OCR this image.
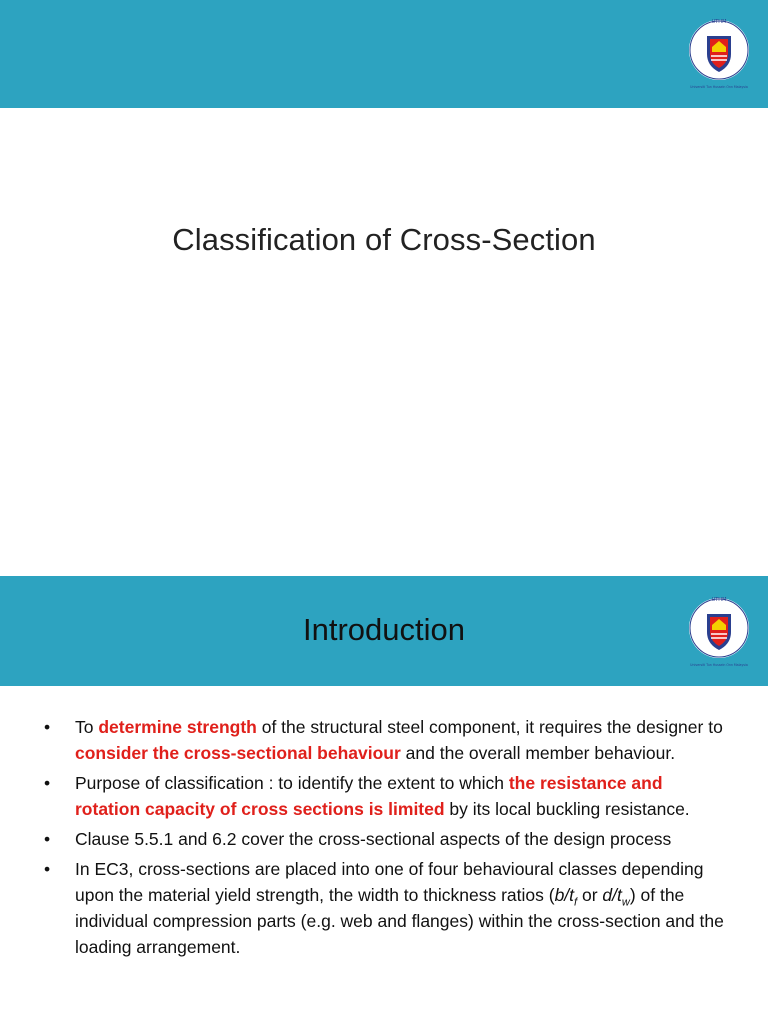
UTHM
Universiti Tun Hussein Onn Malaysia
Classification of Cross-Section
Introduction
UTHM
Universiti Tun Hussein Onn Malaysia
• To determine strength of the structural steel component, it requires the designer to consider the cross-sectional behaviour and the overall member behaviour.
• Purpose of classification : to identify the extent to which the resistance and rotation capacity of cross sections is limited by its local buckling resistance.
• Clause 5.5.1 and 6.2 cover the cross-sectional aspects of the design process
• In EC3, cross-sections are placed into one of four behavioural classes depending upon the material yield strength, the width to thickness ratios ($b/t_f$ or $d/t_w$) of the individual compression parts (e.g. web and flanges) within the cross-section and the loading arrangement.
